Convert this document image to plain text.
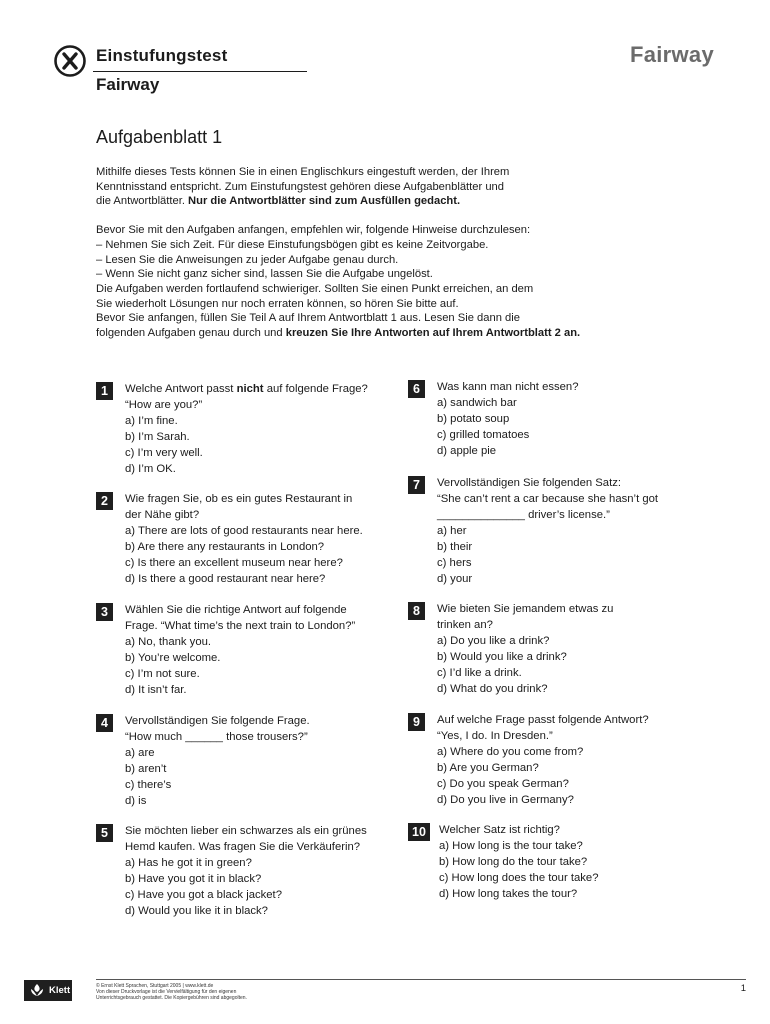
Einstufungstest
Fairway
Fairway
Aufgabenblatt 1

Mithilfe dieses Tests können Sie in einen Englischkurs eingestuft werden, der Ihrem

Kenntnisstand entspricht. Zum Einstufungstest gehören diese Aufgabenblätter und

die Antwortblätter. Nur die Antwortblätter sind zum Ausfüllen gedacht.

Bevor Sie mit den Aufgaben anfangen, empfehlen wir, folgende Hinweise durchzulesen:

– Nehmen Sie sich Zeit. Für diese Einstufungsbögen gibt es keine Zeitvorgabe.

– Lesen Sie die Anweisungen zu jeder Aufgabe genau durch.

– Wenn Sie nicht ganz sicher sind, lassen Sie die Aufgabe ungelöst.

Die Aufgaben werden fortlaufend schwieriger. Sollten Sie einen Punkt erreichen, an dem

Sie wiederholt Lösungen nur noch erraten können, so hören Sie bitte auf.

Bevor Sie anfangen, füllen Sie Teil A auf Ihrem Antwortblatt 1 aus. Lesen Sie dann die

folgenden Aufgaben genau durch und kreuzen Sie Ihre Antworten auf Ihrem Antwortblatt 2 an.

1	Welche Antwort passt nicht auf folgende Frage?
“How are you?”
a) I’m fine.
b) I’m Sarah.
c) I’m very well.
d) I’m OK.
2	Wie fragen Sie, ob es ein gutes Restaurant in
der Nähe gibt?
a) There are lots of good restaurants near here.
b) Are there any restaurants in London?
c) Is there an excellent museum near here?
d) Is there a good restaurant near here?
3	Wählen Sie die richtige Antwort auf folgende
Frage. “What time’s the next train to London?”
a) No, thank you.
b) You’re welcome.
c) I’m not sure.
d) It isn’t far.
4	Vervollständigen Sie folgende Frage.
“How much ______ those trousers?”
a) are
b) aren’t
c) there’s
d) is
5	Sie möchten lieber ein schwarzes als ein grünes
Hemd kaufen. Was fragen Sie die Verkäuferin?
a) Has he got it in green?
b) Have you got it in black?
c) Have you got a black jacket?
d) Would you like it in black?
6	Was kann man nicht essen?
a) sandwich bar
b) potato soup
c) grilled tomatoes
d) apple pie
7	Vervollständigen Sie folgenden Satz:
“She can’t rent a car because she hasn’t got
______________ driver’s license.”
a) her
b) their
c) hers
d) your
8	Wie bieten Sie jemandem etwas zu
trinken an?
a) Do you like a drink?
b) Would you like a drink?
c) I’d like a drink.
d) What do you drink?
9	Auf welche Frage passt folgende Antwort?
“Yes, I do. In Dresden.”
a) Where do you come from?
b) Are you German?
c) Do you speak German?
d) Do you live in Germany?
10	Welcher Satz ist richtig?
a) How long is the tour take?
b) How long do the tour take?
c) How long does the tour take?
d) How long takes the tour?
Klett	© Ernst Klett Sprachen, Stuttgart 2005 | www.klett.de
Von dieser Druckvorlage ist die Vervielfältigung für den eigenen
Unterrichtsgebrauch gestattet. Die Kopiergebühren sind abgegolten.
1
